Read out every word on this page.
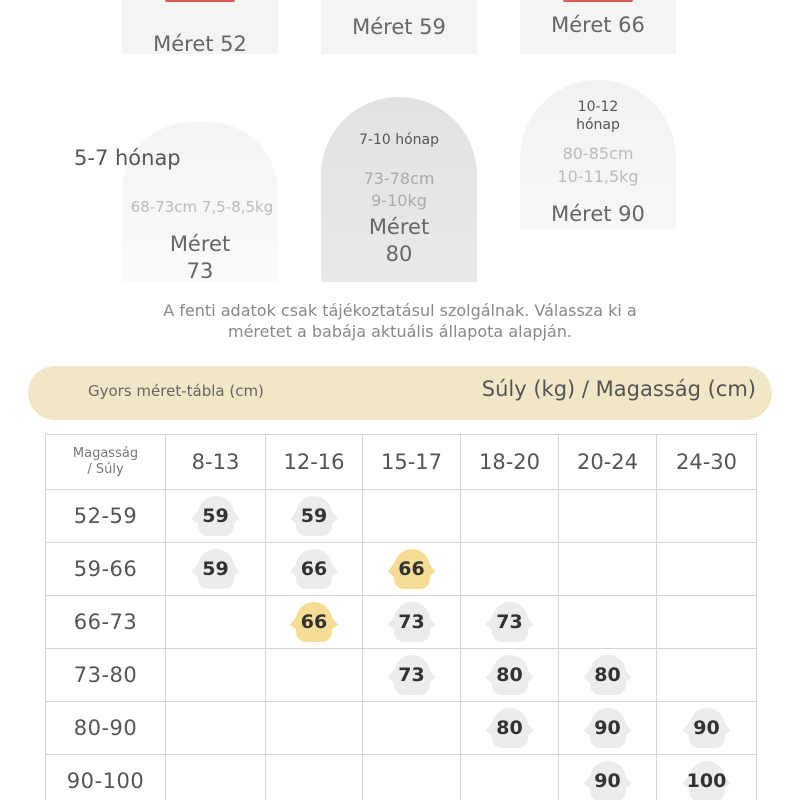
Méret 52
Méret 59	Méret 66
5-7 hónap
68-73cm 7,5-8,5kg
Méret
73
7-10 hónap
73-78cm
9-10kg
Méret
80
10-12
hónap
80-85cm
10-11,5kg
Méret 90
A fenti adatok csak tájékoztatásul szolgálnak. Válassza ki a
méretet a babája aktuális állapota alapján.
Gyors méret-tábla (cm)	Súly (kg) / Magasság (cm)
Magasság
/ Súly	8-13	12-16	15-17	18-20	20-24	24-30
52-59	59	59				
59-66	59	66	66			
66-73		66	73	73		
73-80			73	80	80	
80-90				80	90	90
90-100					90	100
